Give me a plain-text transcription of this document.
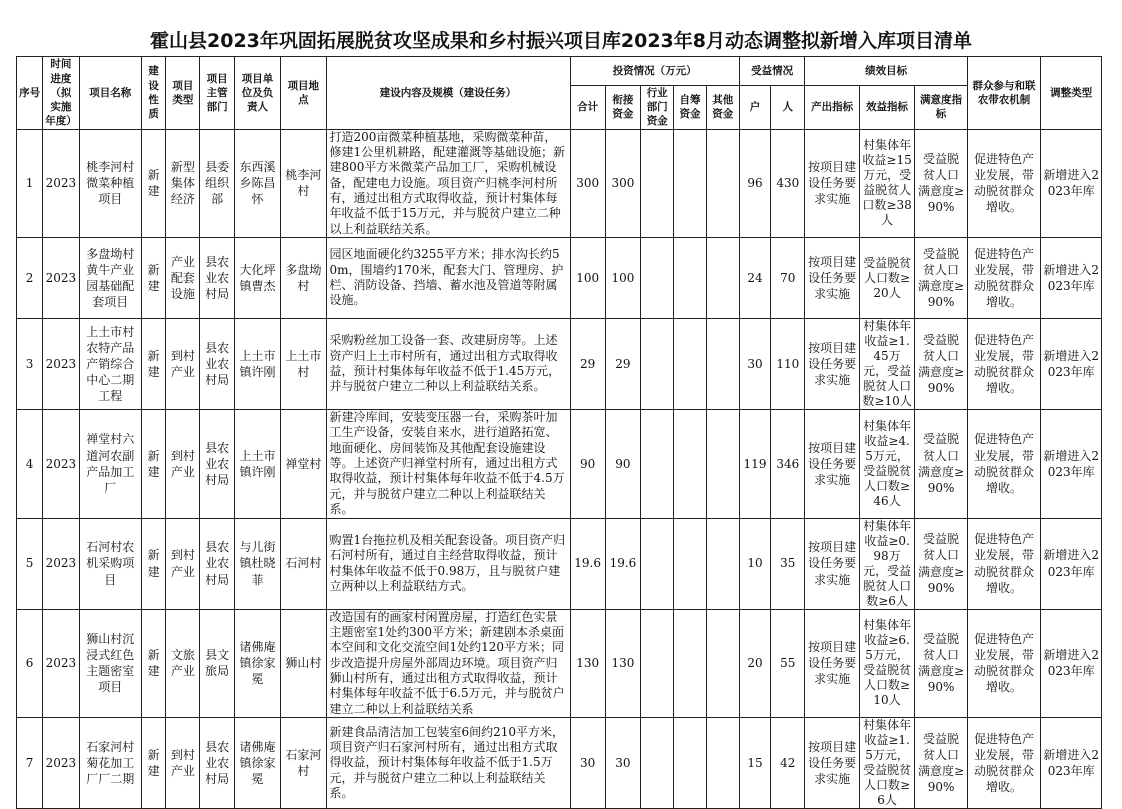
霍山县2023年巩固拓展脱贫攻坚成果和乡村振兴项目库2023年8月动态调整拟新增入库项目清单
序号	时间进度（拟实施年度）	项目名称	建设性质	项目类型	项目主管部门	项目单位及负责人	项目地点	建设内容及规模（建设任务）	投资情况（万元）					受益情况		绩效目标			群众参与和联农带农机制	调整类型
									合计	衔接资金	行业部门资金	自筹资金	其他资金	户	人	产出指标	效益指标	满意度指标		
1	2023	桃李河村微菜种植项目	新建	新型集体经济	县委组织部	东西溪乡陈昌怀	桃李河村	打造200亩微菜种植基地，采购微菜种苗，修建1公里机耕路，配建灌溉等基础设施；新建800平方米微菜产品加工厂，采购机械设备，配建电力设施。项目资产归桃李河村所有，通过出租方式取得收益，预计村集体每年收益不低于15万元，并与脱贫户建立二种以上利益联结关系。	300	300				96	430	按项目建设任务要求实施	村集体年收益≥15万元，受益脱贫人口数≥38人	受益脱贫人口满意度≥90%	促进特色产业发展，带动脱贫群众增收。	新增进入2023年库
2	2023	多盘坳村黄牛产业园基础配套项目	新建	产业配套设施	县农业农村局	大化坪镇曹杰	多盘坳村	园区地面硬化约3255平方米；排水沟长约50m，围墙约170米，配套大门、管理房、护栏、消防设备、挡墙、蓄水池及管道等附属设施。	100	100				24	70	按项目建设任务要求实施	受益脱贫人口数≥20人	受益脱贫人口满意度≥90%	促进特色产业发展，带动脱贫群众增收。	新增进入2023年库
3	2023	上土市村农特产品产销综合中心二期工程	新建	到村产业	县农业农村局	上土市镇许刚	上土市村	采购粉丝加工设备一套、改建厨房等。上述资产归上土市村所有，通过出租方式取得收益，预计村集体每年收益不低于1.45万元，并与脱贫户建立二种以上利益联结关系。	29	29				30	110	按项目建设任务要求实施	村集体年收益≥1.45万元，受益脱贫人口数≥10人	受益脱贫人口满意度≥90%	促进特色产业发展，带动脱贫群众增收。	新增进入2023年库
4	2023	禅堂村六道河农副产品加工厂	新建	到村产业	县农业农村局	上土市镇许刚	禅堂村	新建冷库间，安装变压器一台，采购茶叶加工生产设备，安装自来水，进行道路拓宽、地面硬化、房间装饰及其他配套设施建设等。上述资产归禅堂村所有，通过出租方式取得收益，预计村集体每年收益不低于4.5万元，并与脱贫户建立二种以上利益联结关系。	90	90				119	346	按项目建设任务要求实施	村集体年收益≥4.5万元，受益脱贫人口数≥46人	受益脱贫人口满意度≥90%	促进特色产业发展，带动脱贫群众增收。	新增进入2023年库
5	2023	石河村农机采购项目	新建	到村产业	县农业农村局	与儿街镇杜晓菲	石河村	购置1台拖拉机及相关配套设备。项目资产归石河村所有，通过自主经营取得收益，预计村集体年收益不低于0.98万，且与脱贫户建立两种以上利益联结方式。	19.6	19.6				10	35	按项目建设任务要求实施	村集体年收益≥0.98万元，受益脱贫人口数≥6人	受益脱贫人口满意度≥90%	促进特色产业发展，带动脱贫群众增收。	新增进入2023年库
6	2023	狮山村沉浸式红色主题密室项目	新建	文旅产业	县文旅局	诸佛庵镇徐家冕	狮山村	改造国有的画家村闲置房屋，打造红色实景主题密室1处约300平方米；新建剧本杀桌面本空间和文化交流空间1处约120平方米；同步改造提升房屋外部周边环境。项目资产归狮山村所有，通过出租方式取得收益，预计村集体每年收益不低于6.5万元，并与脱贫户建立二种以上利益联结关系	130	130				20	55	按项目建设任务要求实施	村集体年收益≥6.5万元，受益脱贫人口数≥10人	受益脱贫人口满意度≥90%	促进特色产业发展，带动脱贫群众增收。	新增进入2023年库
7	2023	石家河村菊花加工厂厂二期	新建	到村产业	县农业农村局	诸佛庵镇徐家冕	石家河村	新建食品清洁加工包装室6间约210平方米，项目资产归石家河村所有，通过出租方式取得收益，预计村集体每年收益不低于1.5万元，并与脱贫户建立二种以上利益联结关系。	30	30				15	42	按项目建设任务要求实施	村集体年收益≥1.5万元，受益脱贫人口数≥6人	受益脱贫人口满意度≥90%	促进特色产业发展，带动脱贫群众增收。	新增进入2023年库
